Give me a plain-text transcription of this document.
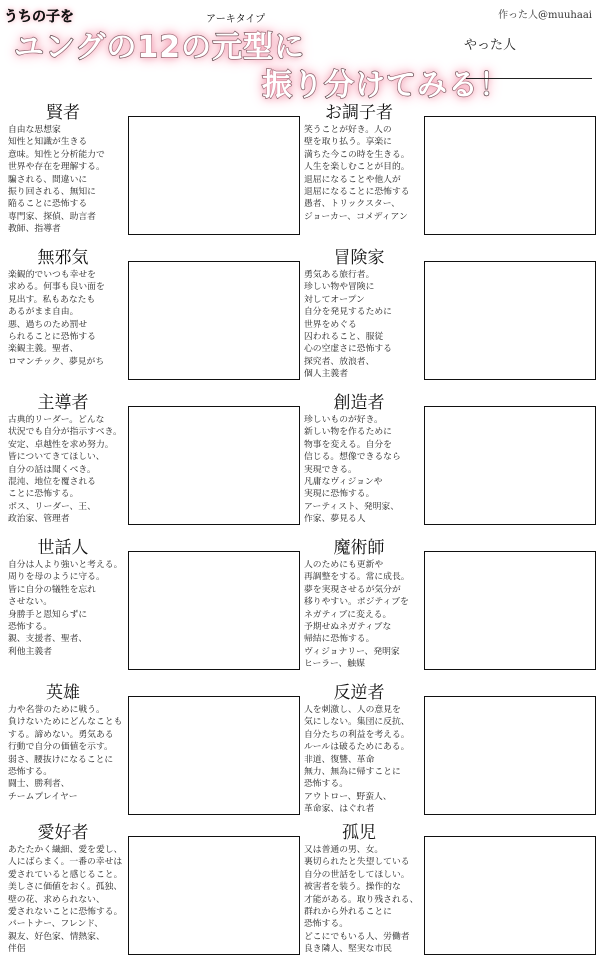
作った人@muuhaai
うちの子を	アーキタイプ
ユングの12の元型に
振り分けてみる！
やった人
賢者
自由な思想家
知性と知識が生きる
意味。知性と分析能力で
世界や存在を理解する。
騙される、間違いに
振り回される、無知に
陥ることに恐怖する
専門家、探偵、助言者
教師、指導者
お調子者
笑うことが好き。人の
壁を取り払う。享楽に
満ちた今この時を生きる。
人生を楽しむことが目的。
退屈になることや他人が
退屈になることに恐怖する
愚者、トリックスター、
ジョーカー、コメディアン
無邪気
楽観的でいつも幸せを
求める。何事も良い面を
見出す。私もあなたも
あるがまま自由。
悪、過ちのため罰せ
られることに恐怖する
楽観主義。聖者、
ロマンチック、夢見がち
冒険家
勇気ある旅行者。
珍しい物や冒険に
対してオープン
自分を発見するために
世界をめぐる
囚われること、服従
心の空虚さに恐怖する
探究者、放浪者、
個人主義者
主導者
古典的リーダー。どんな
状況でも自分が指示すべき。
安定、卓越性を求め努力。
皆についてきてほしい、
自分の話は聞くべき。
混沌、地位を覆される
ことに恐怖する。
ボス、リーダー、王、
政治家、管理者
創造者
珍しいものが好き。
新しい物を作るために
物事を変える。自分を
信じる。想像できるなら
実現できる。
凡庸なヴィジョンや
実現に恐怖する。
アーティスト、発明家、
作家、夢見る人
世話人
自分は人より強いと考える。
周りを母のように守る。
皆に自分の犠牲を忘れ
させない。
身勝手と恩知らずに
恐怖する。
親、支援者、聖者、
利他主義者
魔術師
人のためにも更新や
再調整をする。常に成長。
夢を実現させるが気分が
移りやすい。ポジティブを
ネガティブに変える。
予期せぬネガティブな
帰結に恐怖する。
ヴィジョナリー、発明家
ヒーラー、触媒
英雄
力や名誉のために戦う。
負けないためにどんなことも
する。諦めない。勇気ある
行動で自分の価値を示す。
弱さ、腰抜けになることに
恐怖する。
闘士、勝利者、
チームプレイヤー
反逆者
人を刺激し、人の意見を
気にしない。集団に反抗、
自分たちの利益を考える。
ルールは破るためにある。
非道、復讐、革命
無力、無為に帰すことに
恐怖する。
アウトロー、野蛮人、
革命家、はぐれ者
愛好者
あたたかく繊細、愛を愛し、
人にばらまく。一番の幸せは
愛されていると感じること。
美しさに価値をおく。孤独、
壁の花、求められない、
愛されないことに恐怖する。
パートナー、フレンド、
親友、好色家、情熱家、
伴侶
孤児
又は普通の男、女。
裏切られたと失望している
自分の世話をしてほしい。
被害者を装う。操作的な
才能がある。取り残される、
群れから外れることに
恐怖する。
どこにでもいる人、労働者
良き隣人、堅実な市民
